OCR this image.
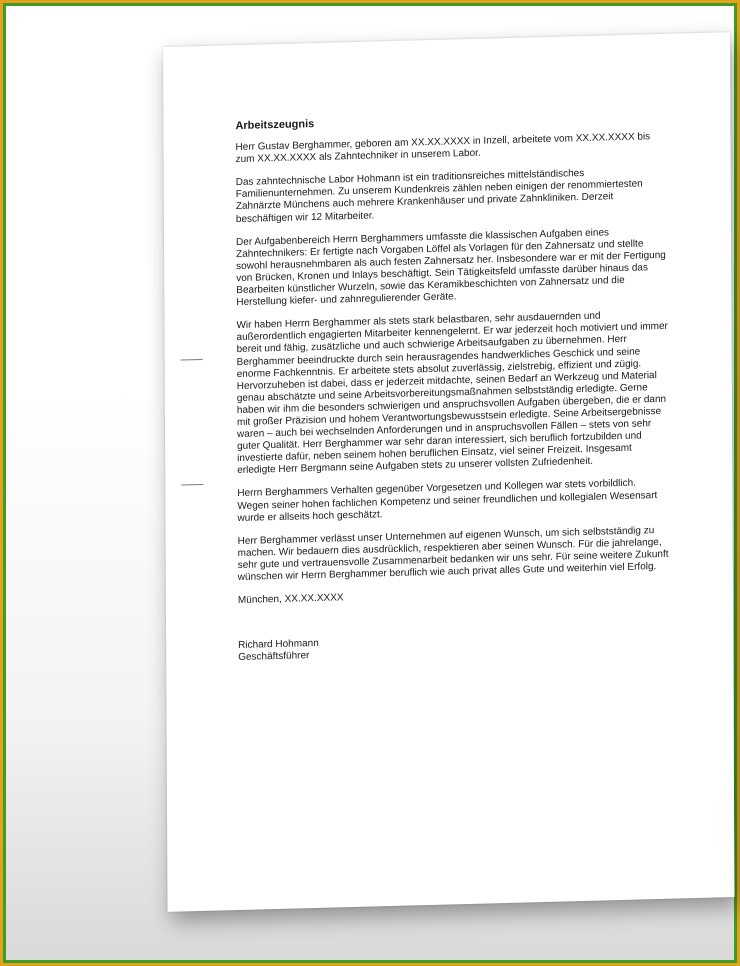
Arbeitszeugnis

Herr Gustav Berghammer, geboren am XX.XX.XXXX in Inzell, arbeitete vom XX.XX.XXXX bis zum XX.XX.XXXX als Zahntechniker in unserem Labor.

Das zahntechnische Labor Hohmann ist ein traditionsreiches mittelständisches Familienunternehmen. Zu unserem Kundenkreis zählen neben einigen der renommiertesten Zahnärzte Münchens auch mehrere Krankenhäuser und private Zahnkliniken. Derzeit beschäftigen wir 12 Mitarbeiter.

Der Aufgabenbereich Herrn Berghammers umfasste die klassischen Aufgaben eines Zahntechnikers: Er fertigte nach Vorgaben Löffel als Vorlagen für den Zahnersatz und stellte sowohl herausnehmbaren als auch festen Zahnersatz her. Insbesondere war er mit der Fertigung von Brücken, Kronen und Inlays beschäftigt. Sein Tätigkeitsfeld umfasste darüber hinaus das Bearbeiten künstlicher Wurzeln, sowie das Keramikbeschichten von Zahnersatz und die Herstellung kiefer- und zahnregulierender Geräte.

Wir haben Herrn Berghammer als stets stark belastbaren, sehr ausdauernden und außerordentlich engagierten Mitarbeiter kennengelernt. Er war jederzeit hoch motiviert und immer bereit und fähig, zusätzliche und auch schwierige Arbeitsaufgaben zu übernehmen. Herr Berghammer beeindruckte durch sein herausragendes handwerkliches Geschick und seine enorme Fachkenntnis. Er arbeitete stets absolut zuverlässig, zielstrebig, effizient und zügig. Hervorzuheben ist dabei, dass er jederzeit mitdachte, seinen Bedarf an Werkzeug und Material genau abschätzte und seine Arbeitsvorbereitungsmaßnahmen selbstständig erledigte. Gerne haben wir ihm die besonders schwierigen und anspruchsvollen Aufgaben übergeben, die er dann mit großer Präzision und hohem Verantwortungsbewusstsein erledigte. Seine Arbeitsergebnisse waren – auch bei wechselnden Anforderungen und in anspruchsvollen Fällen – stets von sehr guter Qualität. Herr Berghammer war sehr daran interessiert, sich beruflich fortzubilden und investierte dafür, neben seinem hohen beruflichen Einsatz, viel seiner Freizeit. Insgesamt erledigte Herr Bergmann seine Aufgaben stets zu unserer vollsten Zufriedenheit.

Herrn Berghammers Verhalten gegenüber Vorgesetzen und Kollegen war stets vorbildlich. Wegen seiner hohen fachlichen Kompetenz und seiner freundlichen und kollegialen Wesensart wurde er allseits hoch geschätzt.

Herr Berghammer verlässt unser Unternehmen auf eigenen Wunsch, um sich selbstständig zu machen. Wir bedauern dies ausdrücklich, respektieren aber seinen Wunsch. Für die jahrelange, sehr gute und vertrauensvolle Zusammenarbeit bedanken wir uns sehr. Für seine weitere Zukunft wünschen wir Herrn Berghammer beruflich wie auch privat alles Gute und weiterhin viel Erfolg.

München, XX.XX.XXXX

Richard Hohmann
Geschäftsführer
